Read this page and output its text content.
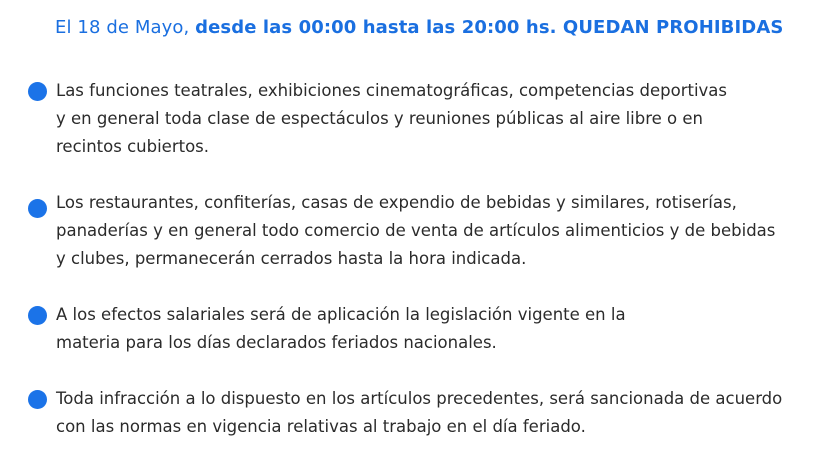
El 18 de Mayo, desde las 00:00 hasta las 20:00 hs. QUEDAN PROHIBIDAS
Las funciones teatrales, exhibiciones cinematográficas, competencias deportivas
y en general toda clase de espectáculos y reuniones públicas al aire libre o en
recintos cubiertos.
Los restaurantes, confiterías, casas de expendio de bebidas y similares, rotiserías,
panaderías y en general todo comercio de venta de artículos alimenticios y de bebidas
y clubes, permanecerán cerrados hasta la hora indicada.
A los efectos salariales será de aplicación la legislación vigente en la
materia para los días declarados feriados nacionales.
Toda infracción a lo dispuesto en los artículos precedentes, será sancionada de acuerdo
con las normas en vigencia relativas al trabajo en el día feriado.
